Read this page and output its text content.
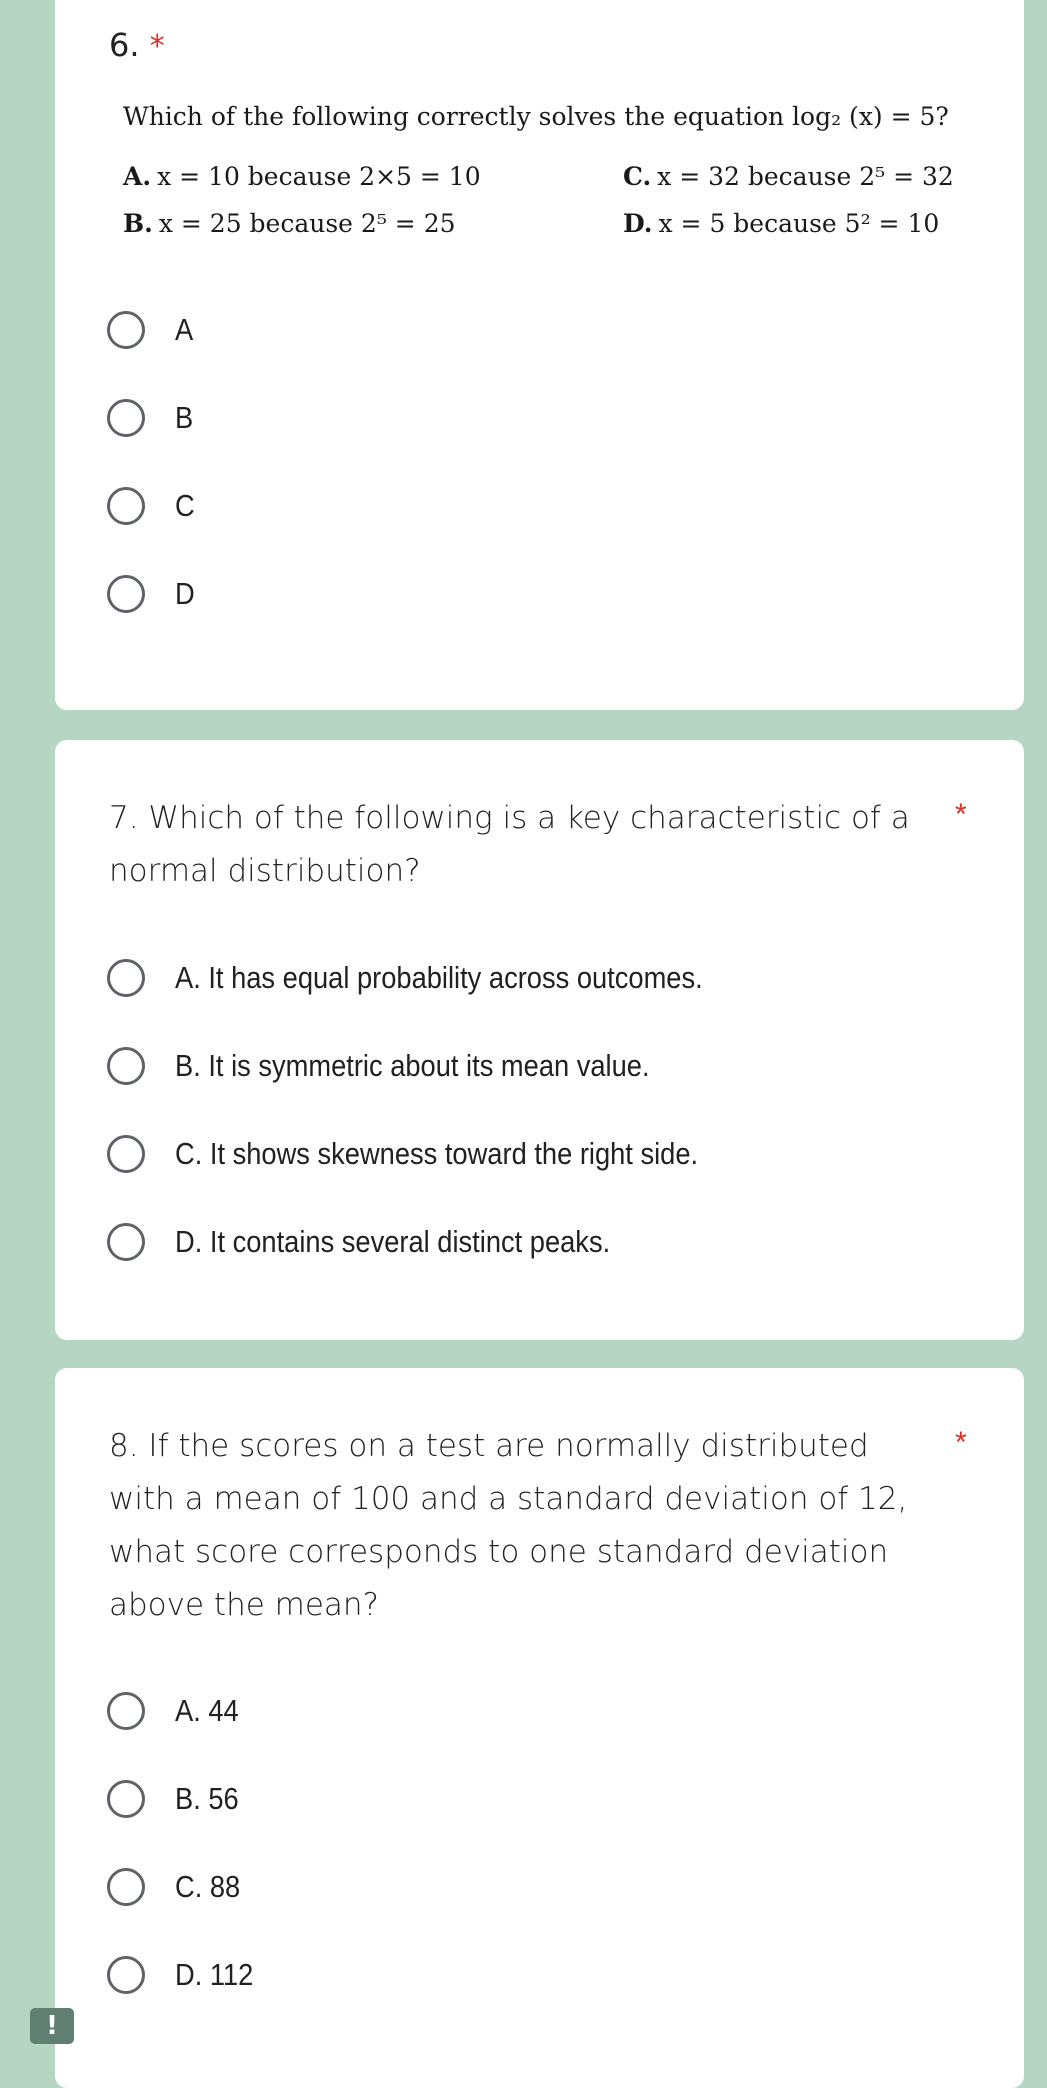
6. *
Which of the following correctly solves the equation log₂ (x) = 5?
A. x = 10 because 2×5 = 10	C. x = 32 because 2⁵ = 32
B. x = 25 because 2⁵ = 25	D. x = 5 because 5² = 10
A
B
C
D
7. Which of the following is a key characteristic of a normal distribution?
*
A. It has equal probability across outcomes.
B. It is symmetric about its mean value.
C. It shows skewness toward the right side.
D. It contains several distinct peaks.
8. If the scores on a test are normally distributed with a mean of 100 and a standard deviation of 12, what score corresponds to one standard deviation above the mean?
*
A. 44
B. 56
C. 88
D. 112
!
